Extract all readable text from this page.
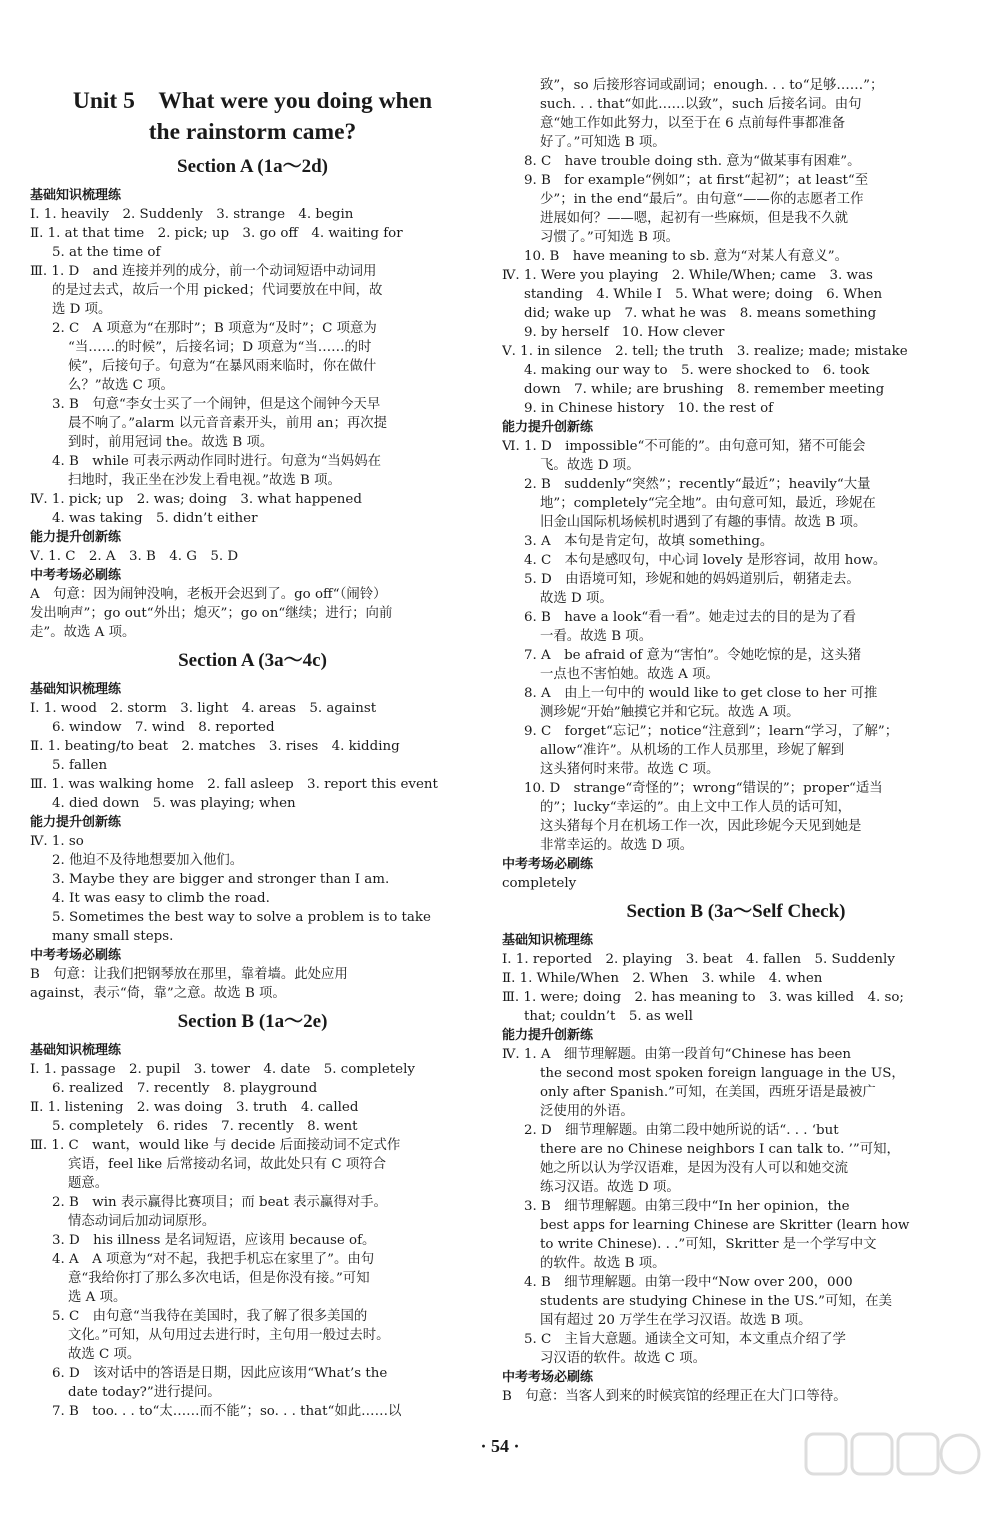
Unit 5　What were you doing when
the rainstorm came?
Section A (1a～2d)
基础知识梳理练
Ⅰ. 1. heavily　2. Suddenly　3. strange　4. begin
Ⅱ. 1. at that time　2. pick; up　3. go off　4. waiting for
5. at the time of
Ⅲ. 1. D　and 连接并列的成分，前一个动词短语中动词用
的是过去式，故后一个用 picked；代词要放在中间，故
选 D 项。
2. C　A 项意为“在那时”；B 项意为“及时”；C 项意为
“当……的时候”，后接名词；D 项意为“当……的时
候”，后接句子。句意为“在暴风雨来临时，你在做什
么？”故选 C 项。
3. B　句意“李女士买了一个闹钟，但是这个闹钟今天早
晨不响了。”alarm 以元音音素开头，前用 an；再次提
到时，前用冠词 the。故选 B 项。
4. B　while 可表示两动作同时进行。句意为“当妈妈在
扫地时，我正坐在沙发上看电视。”故选 B 项。
Ⅳ. 1. pick; up　2. was; doing　3. what happened
4. was taking　5. didn’t either
能力提升创新练
Ⅴ. 1. C　2. A　3. B　4. G　5. D
中考考场必刷练
A　句意：因为闹钟没响，老板开会迟到了。go off“（闹铃）
发出响声”；go out“外出；熄灭”；go on“继续；进行；向前
走”。故选 A 项。
Section A (3a～4c)
基础知识梳理练
Ⅰ. 1. wood　2. storm　3. light　4. areas　5. against
6. window　7. wind　8. reported
Ⅱ. 1. beating/to beat　2. matches　3. rises　4. kidding
5. fallen
Ⅲ. 1. was walking home　2. fall asleep　3. report this event
4. died down　5. was playing; when
能力提升创新练
Ⅳ. 1. so
2. 他迫不及待地想要加入他们。
3. Maybe they are bigger and stronger than I am.
4. It was easy to climb the road.
5. Sometimes the best way to solve a problem is to take
many small steps.
中考考场必刷练
B　句意：让我们把钢琴放在那里，靠着墙。此处应用
against，表示“倚，靠”之意。故选 B 项。
Section B (1a～2e)
基础知识梳理练
Ⅰ. 1. passage　2. pupil　3. tower　4. date　5. completely
6. realized　7. recently　8. playground
Ⅱ. 1. listening　2. was doing　3. truth　4. called
5. completely　6. rides　7. recently　8. went
Ⅲ. 1. C　want，would like 与 decide 后面接动词不定式作
宾语，feel like 后常接动名词，故此处只有 C 项符合
题意。
2. B　win 表示赢得比赛项目；而 beat 表示赢得对手。
情态动词后加动词原形。
3. D　his illness 是名词短语，应该用 because of。
4. A　A 项意为“对不起，我把手机忘在家里了”。由句
意“我给你打了那么多次电话，但是你没有接。”可知
选 A 项。
5. C　由句意“当我待在美国时，我了解了很多美国的
文化。”可知，从句用过去进行时，主句用一般过去时。
故选 C 项。
6. D　该对话中的答语是日期，因此应该用“What’s the
date today?”进行提问。
7. B　too. . . to“太……而不能”；so. . . that“如此……以
致”，so 后接形容词或副词；enough. . . to“足够……”；
such. . . that“如此……以致”，such 后接名词。由句
意“她工作如此努力，以至于在 6 点前每件事都准备
好了。”可知选 B 项。
8. C　have trouble doing sth. 意为“做某事有困难”。
9. B　for example“例如”；at first“起初”；at least“至
少”；in the end“最后”。由句意“——你的志愿者工作
进展如何？——嗯，起初有一些麻烦，但是我不久就
习惯了。”可知选 B 项。
10. B　have meaning to sb. 意为“对某人有意义”。
Ⅳ. 1. Were you playing　2. While/When; came　3. was
standing　4. While I　5. What were; doing　6. When
did; wake up　7. what he was　8. means something
9. by herself　10. How clever
Ⅴ. 1. in silence　2. tell; the truth　3. realize; made; mistake
4. making our way to　5. were shocked to　6. took
down　7. while; are brushing　8. remember meeting
9. in Chinese history　10. the rest of
能力提升创新练
Ⅵ. 1. D　impossible“不可能的”。由句意可知，猪不可能会
飞。故选 D 项。
2. B　suddenly“突然”；recently“最近”；heavily“大量
地”；completely“完全地”。由句意可知，最近，珍妮在
旧金山国际机场候机时遇到了有趣的事情。故选 B 项。
3. A　本句是肯定句，故填 something。
4. C　本句是感叹句，中心词 lovely 是形容词，故用 how。
5. D　由语境可知，珍妮和她的妈妈道别后，朝猪走去。
故选 D 项。
6. B　have a look“看一看”。她走过去的目的是为了看
一看。故选 B 项。
7. A　be afraid of 意为“害怕”。令她吃惊的是，这头猪
一点也不害怕她。故选 A 项。
8. A　由上一句中的 would like to get close to her 可推
测珍妮“开始”触摸它并和它玩。故选 A 项。
9. C　forget“忘记”；notice“注意到”；learn“学习，了解”；
allow“准许”。从机场的工作人员那里，珍妮了解到
这头猪何时来带。故选 C 项。
10. D　strange“奇怪的”；wrong“错误的”；proper“适当
的”；lucky“幸运的”。由上文中工作人员的话可知，
这头猪每个月在机场工作一次，因此珍妮今天见到她是
非常幸运的。故选 D 项。
中考考场必刷练
completely
Section B (3a～Self Check)
基础知识梳理练
Ⅰ. 1. reported　2. playing　3. beat　4. fallen　5. Suddenly
Ⅱ. 1. While/When　2. When　3. while　4. when
Ⅲ. 1. were; doing　2. has meaning to　3. was killed　4. so;
that; couldn’t　5. as well
能力提升创新练
Ⅳ. 1. A　细节理解题。由第一段首句“Chinese has been
the second most spoken foreign language in the US，
only after Spanish.”可知，在美国，西班牙语是最被广
泛使用的外语。
2. D　细节理解题。由第二段中她所说的话“. . . ‘but
there are no Chinese neighbors I can talk to. ’”可知，
她之所以认为学汉语难，是因为没有人可以和她交流
练习汉语。故选 D 项。
3. B　细节理解题。由第三段中“In her opinion，the
best apps for learning Chinese are Skritter (learn how
to write Chinese). . .”可知，Skritter 是一个学写中文
的软件。故选 B 项。
4. B　细节理解题。由第一段中“Now over 200，000
students are studying Chinese in the US.”可知，在美
国有超过 20 万学生在学习汉语。故选 B 项。
5. C　主旨大意题。通读全文可知，本文重点介绍了学
习汉语的软件。故选 C 项。
中考考场必刷练
B　句意：当客人到来的时候宾馆的经理正在大门口等待。
· 54 ·
